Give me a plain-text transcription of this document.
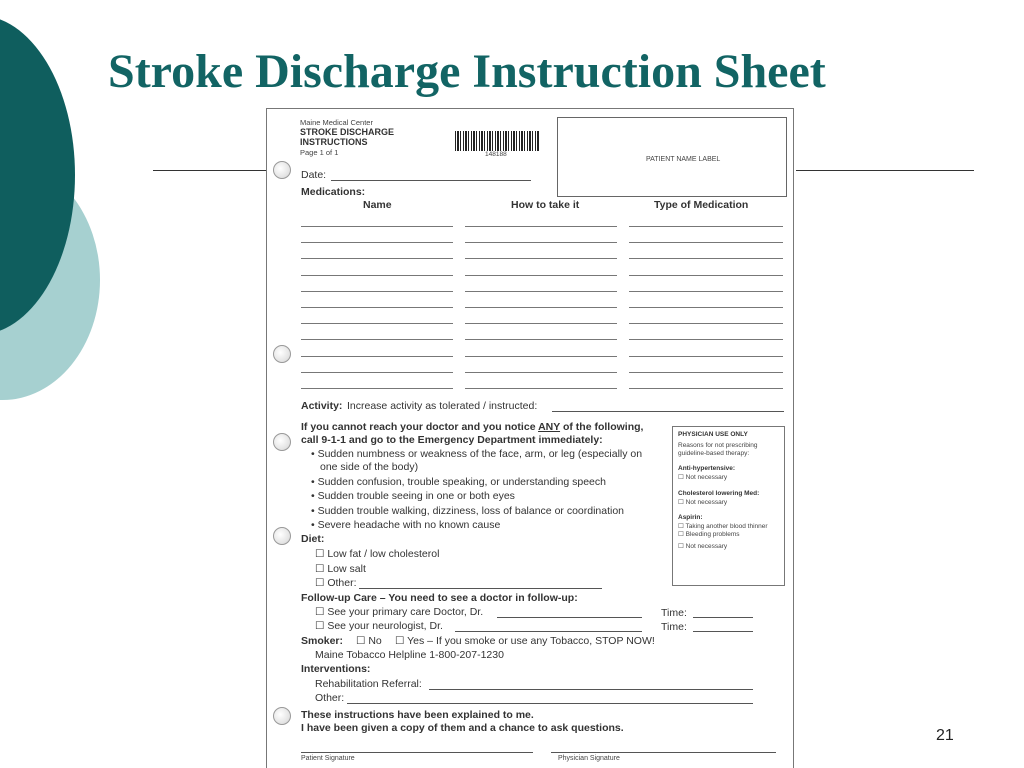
Stroke Discharge Instruction Sheet
Maine Medical Center
STROKE DISCHARGE
INSTRUCTIONS
Page 1 of 1	148188
PATIENT NAME LABEL
Date:
Medications:
Name	How to take it	Type of Medication
Activity: Increase activity as tolerated / instructed:
If you cannot reach your doctor and you notice ANY of the following,
call 9-1-1 and go to the Emergency Department immediately:
• Sudden numbness or weakness of the face, arm, or leg (especially on
one side of the body)
• Sudden confusion, trouble speaking, or understanding speech
• Sudden trouble seeing in one or both eyes
• Sudden trouble walking, dizziness, loss of balance or coordination
• Severe headache with no known cause
PHYSICIAN USE ONLY
Reasons for not prescribing
guideline-based therapy:
Anti-hypertensive:
☐ Not necessary
Cholesterol lowering Med:
☐ Not necessary
Aspirin:
☐ Taking another blood thinner
☐ Bleeding problems
☐ Not necessary
Diet:
☐ Low fat / low cholesterol
☐ Low salt
☐ Other:
Follow-up Care – You need to see a doctor in follow-up:
☐ See your primary care Doctor, Dr.	Time:
☐ See your neurologist, Dr.	Time:
Smoker: ☐ No ☐ Yes – If you smoke or use any Tobacco, STOP NOW!
Maine Tobacco Helpline 1-800-207-1230
Interventions:
Rehabilitation Referral:
Other:
These instructions have been explained to me.
I have been given a copy of them and a chance to ask questions.
Patient Signature	Physician Signature
21
